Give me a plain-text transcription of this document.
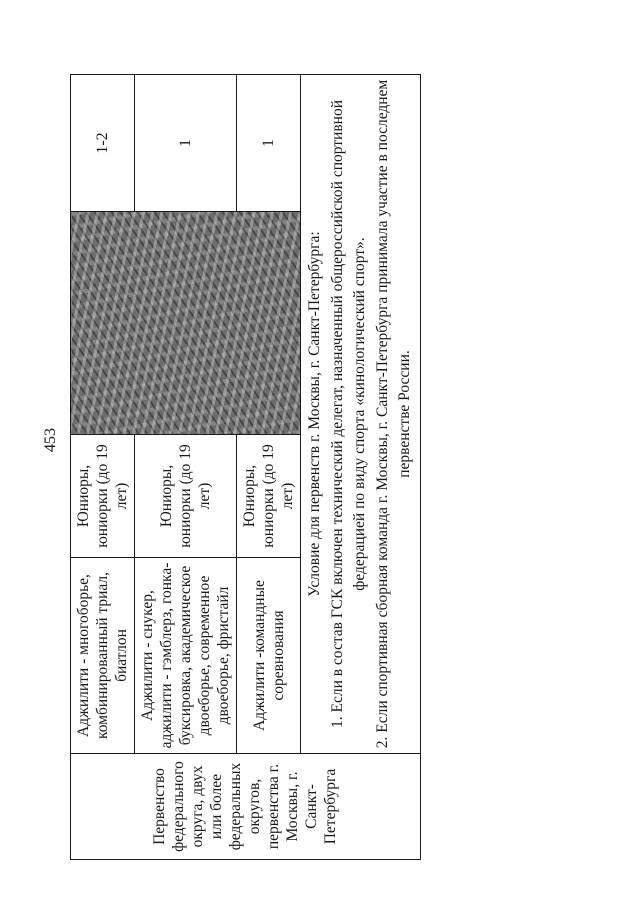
453
Первенство федерального округа, двух или более федеральных округов, первенства г. Москвы, г. Санкт-Петербурга	Аджилити - многоборье, комбинированный триал, биатлон	Юниоры, юниорки (до 19 лет)		1-2
	Аджилити - снукер, аджилити - гэмблерз, гонка-буксировка, академическое двоеборье, современное двоеборье, фристайл	Юниоры, юниорки (до 19 лет)		1
	Аджилити -командные соревнования	Юниоры, юниорки (до 19 лет)		1

	Условие для первенств г. Москвы, г. Санкт-Петербурга: 1. Если в состав ГСК включен технический делегат, назначенный общероссийской спортивной федерацией по виду спорта «кинологический спорт». 2. Если спортивная сборная команда г. Москвы, г. Санкт-Петербурга принимала участие в последнем первенстве России.			
